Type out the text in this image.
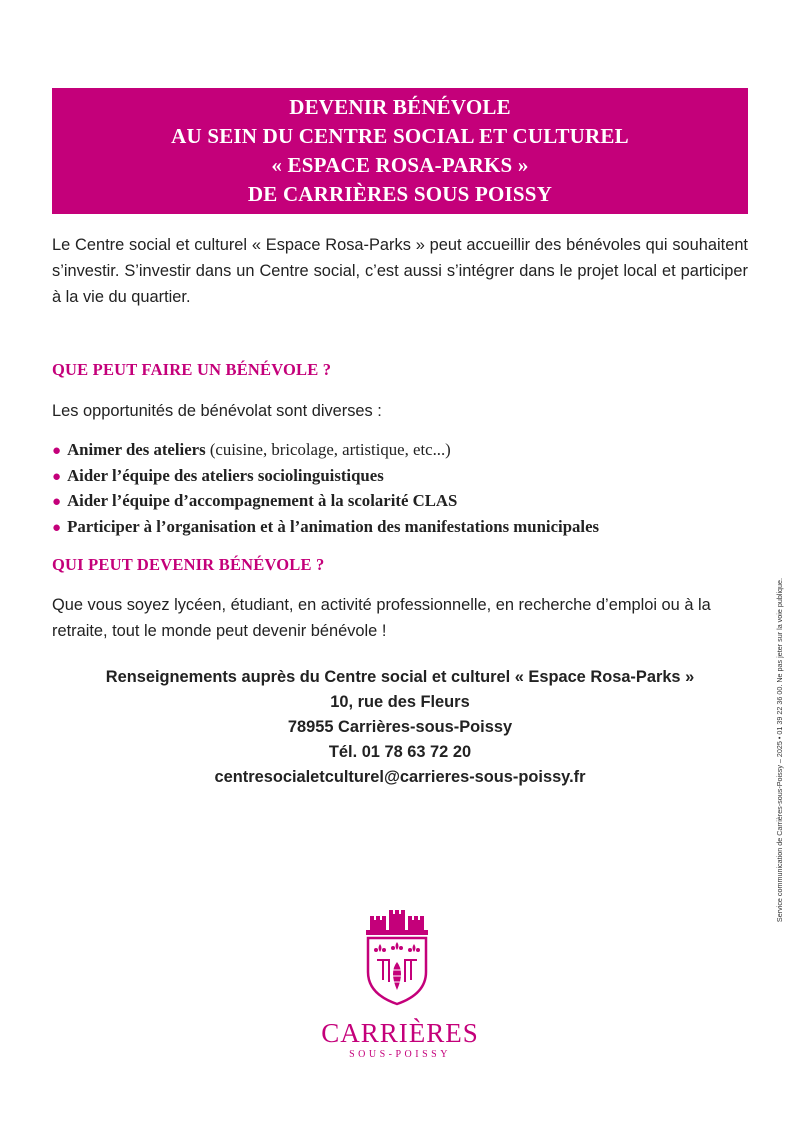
DEVENIR BÉNÉVOLE
AU SEIN DU CENTRE SOCIAL ET CULTUREL
« ESPACE ROSA-PARKS »
DE CARRIÈRES SOUS POISSY

Le Centre social et culturel « Espace Rosa-Parks » peut accueillir des bénévoles qui souhaitent s’investir. S’investir dans un Centre social, c’est aussi s’intégrer dans le projet local et participer à la vie du quartier.

QUE PEUT FAIRE UN BÉNÉVOLE ?

Les opportunités de bénévolat sont diverses :

● Animer des ateliers (cuisine, bricolage, artistique, etc...)
● Aider l’équipe des ateliers sociolinguistiques
● Aider l’équipe d’accompagnement à la scolarité CLAS
● Participer à l’organisation et à l’animation des manifestations municipales
QUI PEUT DEVENIR BÉNÉVOLE ?

Que vous soyez lycéen, étudiant, en activité professionnelle, en recherche d’emploi ou à la retraite, tout le monde peut devenir bénévole !

Renseignements auprès du Centre social et culturel « Espace Rosa-Parks »
10, rue des Fleurs
78955 Carrières-sous-Poissy
Tél. 01 78 63 72 20
centresocialetculturel@carrieres-sous-poissy.fr	Service communication de Carrières-sous-Poissy – 2025 • 01 39 22 36 00. Ne pas jeter sur la voie publique.
CARRIÈRES
SOUS-POISSY
